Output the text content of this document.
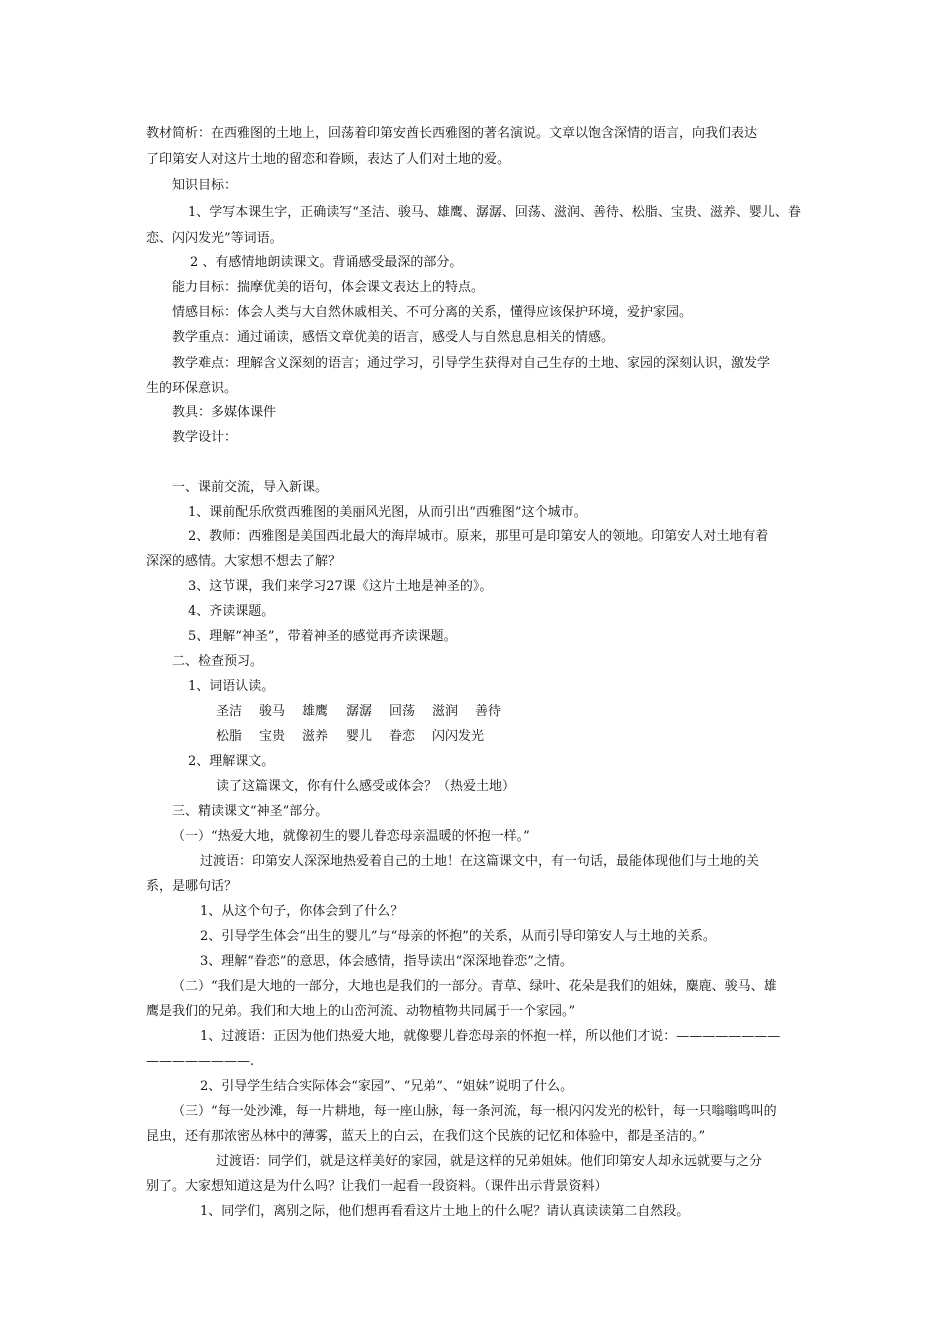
教材简析：在西雅图的土地上，回荡着印第安酋长西雅图的著名演说。文章以饱含深情的语言，向我们表达
了印第安人对这片土地的留恋和眷顾，表达了人们对土地的爱。
知识目标：
1、学写本课生字，正确读写“圣洁、骏马、雄鹰、潺潺、回荡、滋润、善待、松脂、宝贵、滋养、婴儿、眷
恋、闪闪发光”等词语。
2 、有感情地朗读课文。背诵感受最深的部分。
能力目标：揣摩优美的语句，体会课文表达上的特点。
情感目标：体会人类与大自然休戚相关、不可分离的关系，懂得应该保护环境，爱护家园。
教学重点：通过诵读，感悟文章优美的语言，感受人与自然息息相关的情感。
教学难点：理解含义深刻的语言；通过学习，引导学生获得对自己生存的土地、家园的深刻认识，激发学
生的环保意识。
教具：多媒体课件
教学设计：
一、课前交流，导入新课。
1、课前配乐欣赏西雅图的美丽风光图，从而引出“西雅图”这个城市。
2、教师：西雅图是美国西北最大的海岸城市。原来，那里可是印第安人的领地。印第安人对土地有着
深深的感情。大家想不想去了解？
3、这节课，我们来学习27课《这片土地是神圣的》。
4、齐读课题。
5、理解“神圣”，带着神圣的感觉再齐读课题。
二、检查预习。
1、词语认读。
圣洁 骏马 雄鹰 潺潺 回荡 滋润 善待
松脂 宝贵 滋养 婴儿 眷恋 闪闪发光
2、理解课文。
读了这篇课文，你有什么感受或体会？（热爱土地）
三、精读课文“神圣”部分。
（一）“热爱大地，就像初生的婴儿眷恋母亲温暖的怀抱一样。”
过渡语：印第安人深深地热爱着自己的土地！在这篇课文中，有一句话，最能体现他们与土地的关
系，是哪句话？
1、从这个句子，你体会到了什么？
2、引导学生体会“出生的婴儿”与“母亲的怀抱”的关系，从而引导印第安人与土地的关系。
3、理解“眷恋”的意思，体会感情，指导读出“深深地眷恋”之情。
（二）“我们是大地的一部分，大地也是我们的一部分。青草、绿叶、花朵是我们的姐妹，麋鹿、骏马、雄
鹰是我们的兄弟。我们和大地上的山峦河流、动物植物共同属于一个家园。”
1、过渡语：正因为他们热爱大地，就像婴儿眷恋母亲的怀抱一样，所以他们才说：————————
————————.
2、引导学生结合实际体会“家园”、“兄弟”、“姐妹”说明了什么。
（三）“每一处沙滩，每一片耕地，每一座山脉，每一条河流，每一根闪闪发光的松针，每一只嗡嗡鸣叫的
昆虫，还有那浓密丛林中的薄雾，蓝天上的白云，在我们这个民族的记忆和体验中，都是圣洁的。”
过渡语：同学们，就是这样美好的家园，就是这样的兄弟姐妹。他们印第安人却永远就要与之分
别了。大家想知道这是为什么吗？让我们一起看一段资料。（课件出示背景资料）
1、同学们，离别之际，他们想再看看这片土地上的什么呢？请认真读读第二自然段。
